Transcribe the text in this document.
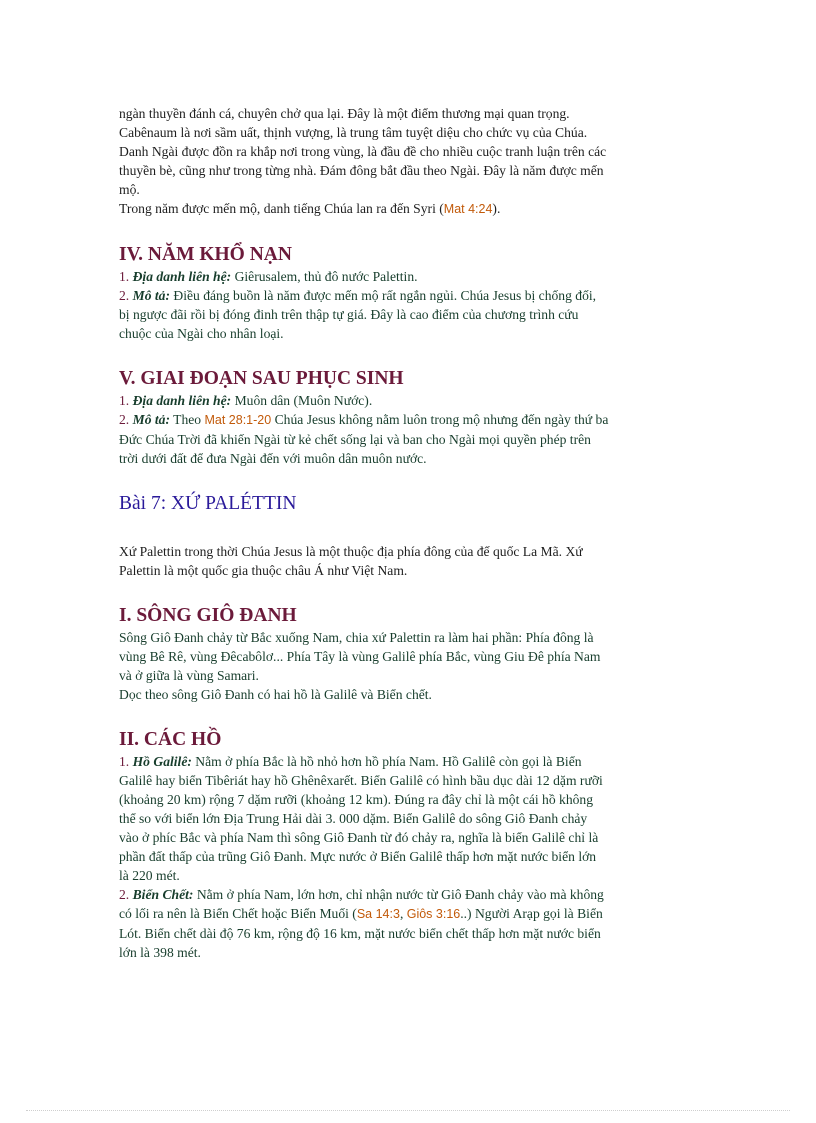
ngàn thuyền đánh cá, chuyên chở qua lại. Đây là một điểm thương mại quan trọng.

Cabênaum là nơi sầm uất, thịnh vượng, là trung tâm tuyệt diệu cho chức vụ của Chúa.

Danh Ngài được đồn ra khắp nơi trong vùng, là đầu đề cho nhiều cuộc tranh luận trên các

thuyền bè, cũng như trong từng nhà. Đám đông bắt đầu theo Ngài. Đây là năm được mến

mộ.

Trong năm được mến mộ, danh tiếng Chúa lan ra đến Syri (Mat 4:24).

IV. NĂM KHỔ NẠN

1. Địa danh liên hệ: Giêrusalem, thủ đô nước Palettin.

2. Mô tả: Điều đáng buồn là năm được mến mộ rất ngắn ngủi. Chúa Jesus bị chống đối,

bị ngược đãi rồi bị đóng đinh trên thập tự giá. Đây là cao điểm của chương trình cứu

chuộc của Ngài cho nhân loại.

V. GIAI ĐOẠN SAU PHỤC SINH

1. Địa danh liên hệ: Muôn dân (Muôn Nước).

2. Mô tả: Theo Mat 28:1-20 Chúa Jesus không nằm luôn trong mộ nhưng đến ngày thứ ba

Đức Chúa Trời đã khiến Ngài từ kẻ chết sống lại và ban cho Ngài mọi quyền phép trên

trời dưới đất để đưa Ngài đến với muôn dân muôn nước.

Bài 7: XỨ PALÉTTIN

Xứ Palettin trong thời Chúa Jesus là một thuộc địa phía đông của đế quốc La Mã. Xứ

Palettin là một quốc gia thuộc châu Á như Việt Nam.

I. SÔNG GIÔ ĐANH

Sông Giô Đanh chảy từ Bắc xuống Nam, chia xứ Palettin ra làm hai phần: Phía đông là

vùng Bê Rê, vùng Đêcabôlơ... Phía Tây là vùng Galilê phía Bắc, vùng Giu Đê phía Nam

và ở giữa là vùng Samari.

Dọc theo sông Giô Đanh có hai hồ là Galilê và Biển chết.

II. CÁC HỒ

1. Hồ Galilê: Nằm ở phía Bắc là hồ nhỏ hơn hồ phía Nam. Hồ Galilê còn gọi là Biển

Galilê hay biển Tibêriát hay hồ Ghênêxarết. Biển Galilê có hình bầu dục dài 12 dặm rưỡi

(khoảng 20 km) rộng 7 dặm rưỡi (khoảng 12 km). Đúng ra đây chỉ là một cái hồ không

thể so với biển lớn Địa Trung Hải dài 3. 000 dặm. Biển Galilê do sông Giô Đanh chảy

vào ở phíc Bắc và phía Nam thì sông Giô Đanh từ đó chảy ra, nghĩa là biển Galilê chỉ là

phần đất thấp của trũng Giô Đanh. Mực nước ở Biển Galilê thấp hơn mặt nước biển lớn

là 220 mét.

2. Biển Chết: Nằm ở phía Nam, lớn hơn, chỉ nhận nước từ Giô Đanh chảy vào mà không

có lối ra nên là Biển Chết hoặc Biển Muối (Sa 14:3, Giôs 3:16..) Người Arạp gọi là Biển

Lót. Biển chết dài độ 76 km, rộng độ 16 km, mặt nước biển chết thấp hơn mặt nước biển

lớn là 398 mét.
